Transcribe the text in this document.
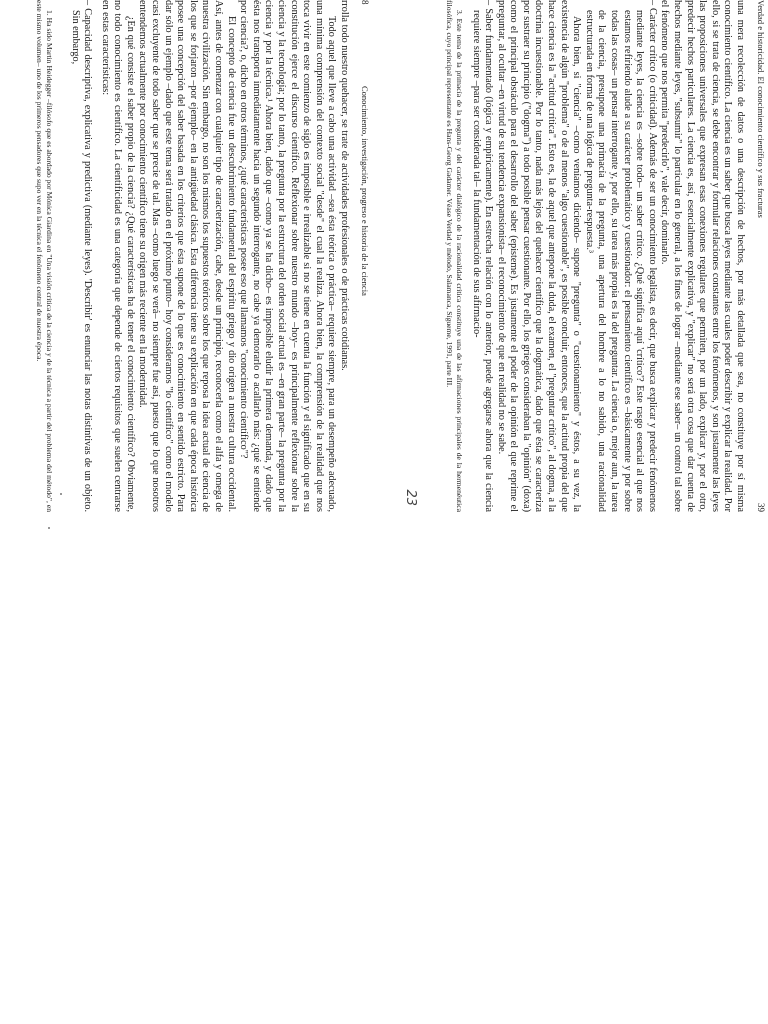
8
Conocimiento, investigación, progreso e historia de la ciencia

rrolla todo nuestro quehacer, se trate de actividades profesionales o de prácticas cotidianas.

Todo aquel que lleve a cabo una actividad –sea ésta teórica o práctica– requiere siempre, para un desempeño adecuado, una mínima comprensión del contexto social "desde" el cual la realiza. Ahora bien, la comprensión de la realidad que nos toca vivir en este comienzo de siglo es imposible e irrealizable si no se tiene en cuenta la función y el significado que en su constitución ejerce el discurso científico. Reflexionar sobre nuestro mundo –hoy– es principalmente reflexionar sobre la ciencia y la tecnología; por lo tanto, la pregunta por la estructura del orden social actual es –en gran parte– la pregunta por la ciencia y por la técnica.¹ Ahora bien, dado que –como ya se ha dicho– es imposible eludir la primera demanda, y dado que ésta nos transporta inmediatamente hacia un segundo interrogante, no cabe ya demorarlo o acallarlo más: ¿qué se entiende por ciencia?, o, dicho en otros términos, ¿qué características posee eso que llamamos "conocimiento científico"?

El concepto de ciencia fue un descubrimiento fundamental del espíritu griego y dio origen a nuestra cultura occidental. Así, antes de comenzar con cualquier tipo de caracterización, cabe, desde un principio, reconocerla como el alfa y omega de nuestra civilización. Sin embargo, no son los mismos los supuestos teóricos sobre los que reposa la idea actual de ciencia de los que se forjaron –por ejemplo– en la antigüedad clásica. Esta diferencia tiene su explicación en que cada época histórica posee una concepción del saber basada en los criterios que ésta supone de lo que es conocimiento en sentido estricto. Para dar sólo un ejemplo –dado que este tema será tratado en el próximo punto– hoy consideramos "lo científico" como el modelo casi excluyente de todo saber que se precie de tal. Mas –como luego se verá– no siempre fue así, puesto que lo que nosotros entendemos actualmente por conocimiento científico tiene su origen más reciente en la modernidad.

¿En qué consiste el saber propio de la ciencia? ¿Qué características ha de tener el conocimiento científico? Obviamente, no todo conocimiento es científico. La cientificidad es una categoría que depende de ciertos requisitos que suelen centrarse en estas características:

– Capacidad descriptiva, explicativa y predictiva (mediante leyes). 'Describir' es enunciar las notas distintivas de un objeto. Sin embargo,

1. Ha sido Martin Heidegger –filósofo que es abordado por Mónica Giardina en "Una visión crítica de la ciencia y de la técnica a partir del problema del método", en este mismo volumen– uno de los primeros pensadores que supo ver en la técnica el fenómeno central de nuestra época.	Verdad e historicidad. El conocimiento científico y sus fracturas
39

una mera recolección de datos o una descripción de hechos, por más detallada que sea, no constituye por sí misma conocimiento científico. La ciencia es un saber que busca leyes mediante las cuales poder describir y explicar la realidad. Por ello, si se trata de ciencia, se debe encontrar y formular relaciones constantes entre los fenómenos, y son justamente las leyes las proposiciones universales que expresan esas conexiones regulares que permiten, por un lado, explicar y, por el otro, predecir hechos particulares. La ciencia es, así, esencialmente explicativa, y "explicar" no será otra cosa que dar cuenta de hechos mediante leyes, "subsumir" lo particular en lo general, a los fines de lograr –mediante ese saber– un control tal sobre el fenómeno que nos permita "predecirlo", vale decir, dominarlo.

– Carácter crítico (o criticidad). Además de ser un conocimiento legalista, es decir, que busca explicar y predecir fenómenos mediante leyes, la ciencia es –sobre todo– un saber crítico. ¿Qué significa aquí 'crítico'? Este rasgo esencial al que nos estamos refiriendo alude a su carácter problemático y cuestionador: el pensamiento científico es –básicamente y por sobre todas las cosas– un pensar interrogante y, por ello, su tarea más propia es la del preguntar. La ciencia o, mejor aun, la tarea de la ciencia, presupone una primacía de la pregunta, una apertura del hombre a lo no sabido, una racionalidad estructurada en forma de una lógica de pregunta-respuesta.³

Ahora bien, si "ciencia" –como veníamos diciendo– supone "pregunta" o "cuestionamiento" y éstos, a su vez, la existencia de algún "problema" o de al menos "algo cuestionable", es posible concluir, entonces, que la actitud propia del que hace ciencia es la "actitud crítica". Esto es, la de aquel que antepone la duda, el examen, el "preguntar crítico", al dogma, a la doctrina incuestionable. Por lo tanto, nada más lejos del quehacer científico que la dogmática, dado que ésta se caracteriza por sustraer su principio ("dogma") a todo posible pensar cuestionante. Por ello, los griegos consideraban la "opinión" (doxa) como el principal obstáculo para el desarrollo del saber (episteme). Es justamente el poder de la opinión el que reprime el preguntar, al ocultar –en virtud de su tendencia expansionista– el reconocimiento de que en realidad no se sabe.

– Saber fundamentado (lógica y empíricamente). En estrecha relación con lo anterior, puede agregarse ahora que la ciencia requiere siempre –para ser considerada tal– la fundamentación de sus afirmacio-

3. Este tema de la primacía de la pregunta y del carácter dialógico de la racionalidad crítica constituye una de las afirmaciones principales de la hermenéutica filosófica, cuyo principal representante es Hans-Georg Gadamer. Véase Verdad y método, Salamanca, Sígueme, 1991, parte III.

23
